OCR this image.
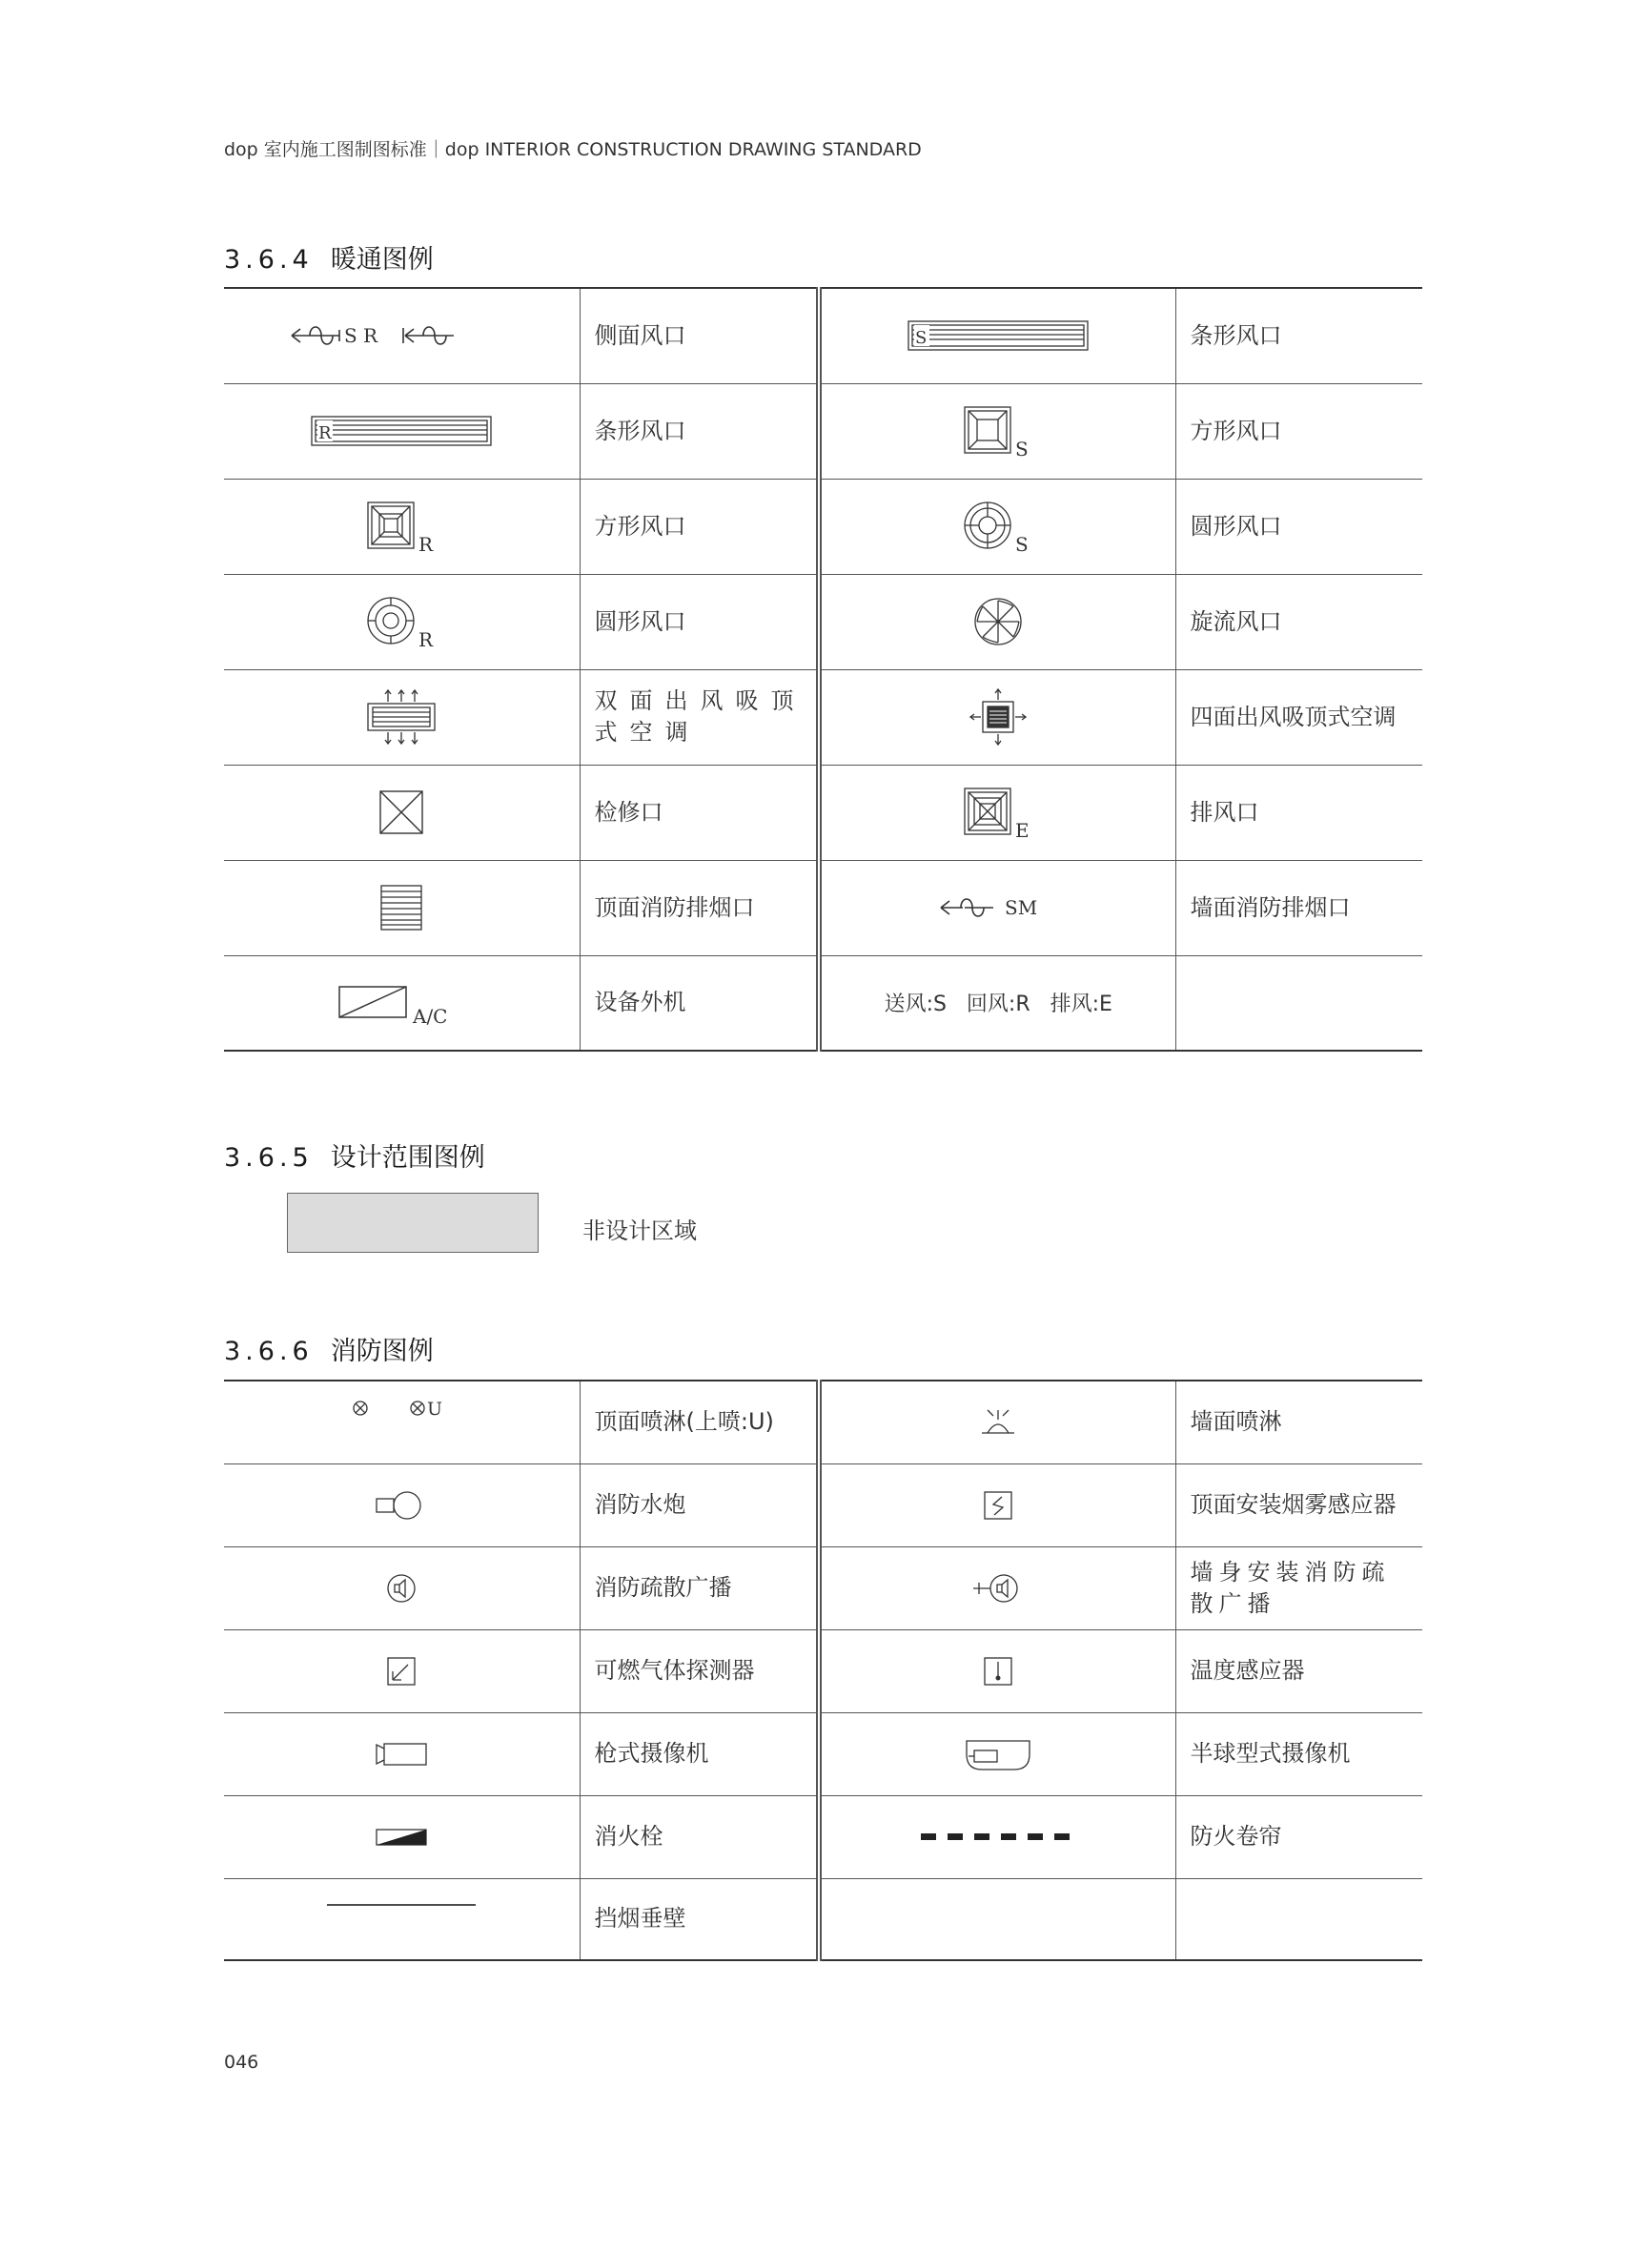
dop 室内施工图制图标准｜dop INTERIOR CONSTRUCTION DRAWING STANDARD
3.6.4 暖通图例
S R	侧面风口	S	条形风口

R	条形风口	S	方形风口

R	方形风口	S	圆形风口

R	圆形风口		旋流风口

	双面出风吸顶式空调		四面出风吸顶式空调

	检修口	E	排风口

	顶面消防排烟口	SM	墙面消防排烟口

A/C	设备外机	送风:S 回风:R 排风:E	
3.6.5 设计范围图例
非设计区域
3.6.6 消防图例
U	顶面喷淋(上喷:U)		墙面喷淋

	消防水炮		顶面安装烟雾感应器

	消防疏散广播		墙身安装消防疏散广播

	可燃气体探测器		温度感应器

	枪式摄像机		半球型式摄像机

	消火栓		防火卷帘

	挡烟垂壁		
046
